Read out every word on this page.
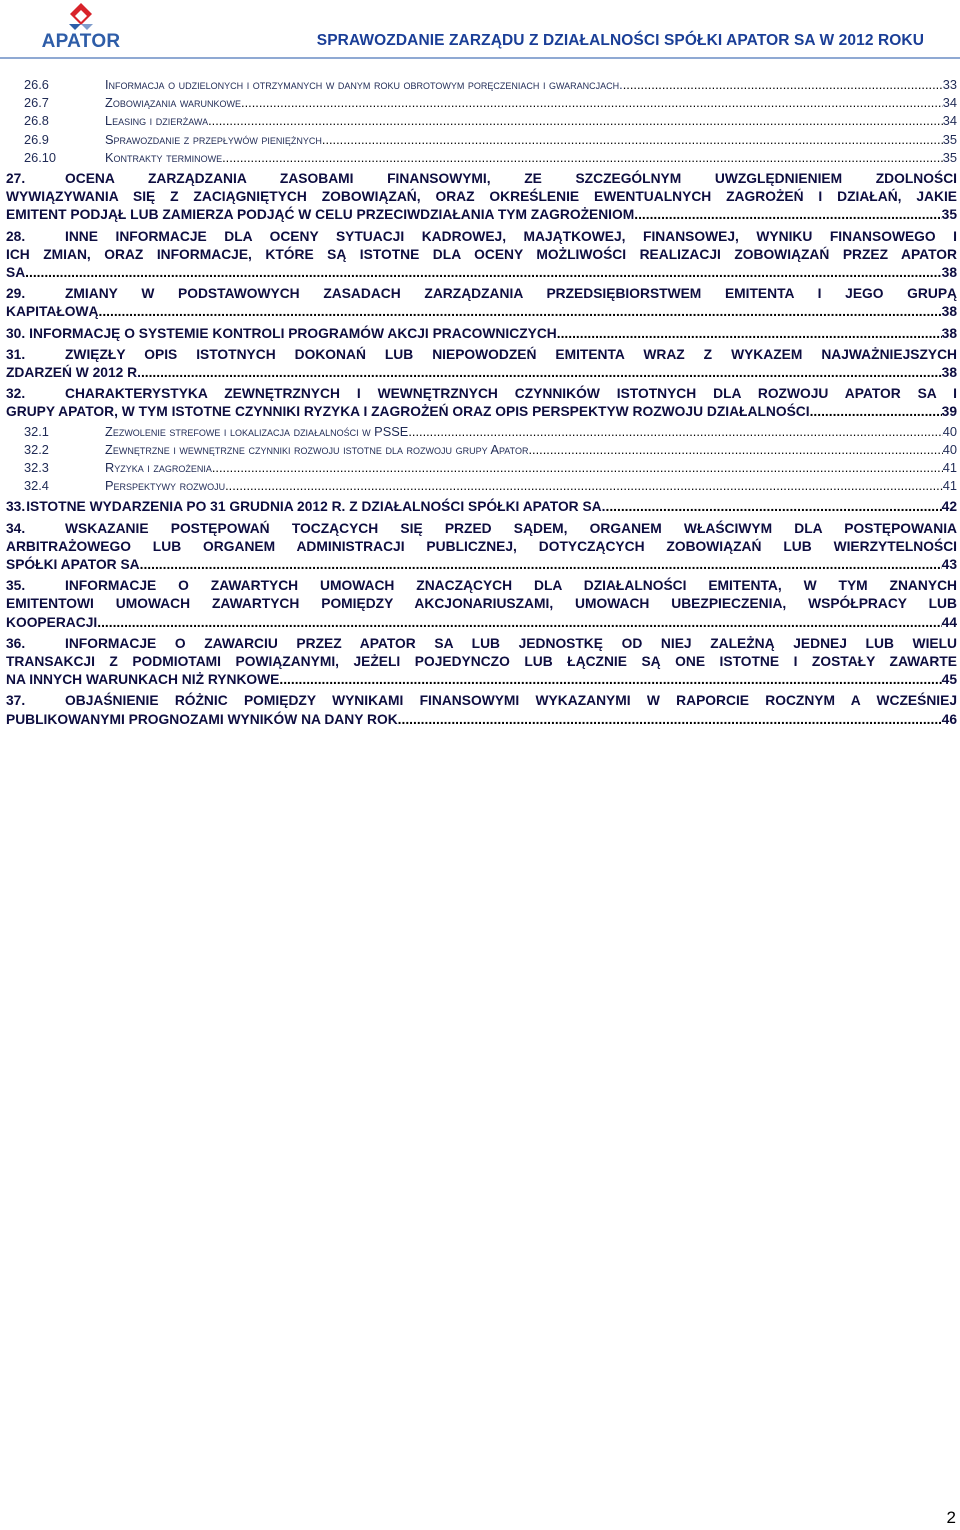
APATOR	SPRAWOZDANIE ZARZĄDU Z DZIAŁALNOŚCI SPÓŁKI APATOR SA W 2012 ROKU
26.6	Informacja o udzielonych i otrzymanych w danym roku obrotowym poręczeniach i gwarancjach. .....	33
26.7	Zobowiązania warunkowe .....	34
26.8	Leasing i dzierżawa .....	34
26.9	Sprawozdanie z przepływów pieniężnych .....	35
26.10	Kontrakty terminowe .....	35
27.	OCENA ZARZĄDZANIA ZASOBAMI FINANSOWYMI, ZE SZCZEGÓLNYM UWZGLĘDNIENIEM ZDOLNOŚCI
WYWIĄZYWANIA SIĘ Z ZACIĄGNIĘTYCH ZOBOWIĄZAŃ, ORAZ OKREŚLENIE EWENTUALNYCH ZAGROŻEŃ I DZIAŁAŃ, JAKIE
EMITENT PODJĄŁ LUB ZAMIERZA PODJĄĆ W CELU PRZECIWDZIAŁANIA TYM ZAGROŻENIOM .....	35
28.	INNE INFORMACJE DLA OCENY SYTUACJI KADROWEJ, MAJĄTKOWEJ, FINANSOWEJ, WYNIKU FINANSOWEGO I
ICH ZMIAN, ORAZ INFORMACJE, KTÓRE SĄ ISTOTNE DLA OCENY MOŻLIWOŚCI REALIZACJI ZOBOWIĄZAŃ PRZEZ APATOR
SA .....	38
29.	ZMIANY W PODSTAWOWYCH ZASADACH ZARZĄDZANIA PRZEDSIĘBIORSTWEM EMITENTA I JEGO GRUPĄ
KAPITAŁOWĄ .....	38
30. INFORMACJĘ O SYSTEMIE KONTROLI PROGRAMÓW AKCJI PRACOWNICZYCH .....	38
31.	ZWIĘZŁY OPIS ISTOTNYCH DOKONAŃ LUB NIEPOWODZEŃ EMITENTA WRAZ Z WYKAZEM NAJWAŻNIEJSZYCH
ZDARZEŃ W 2012 R. .....	38
32.	CHARAKTERYSTYKA ZEWNĘTRZNYCH I WEWNĘTRZNYCH CZYNNIKÓW ISTOTNYCH DLA ROZWOJU APATOR SA I
GRUPY APATOR, W TYM ISTOTNE CZYNNIKI RYZYKA I ZAGROŻEŃ ORAZ OPIS PERSPEKTYW ROZWOJU DZIAŁALNOŚCI .....	39
32.1	Zezwolenie strefowe i lokalizacja działalności w PSSE .....	40
32.2	Zewnętrzne i wewnętrzne czynniki rozwoju istotne dla rozwoju grupy Apator .....	40
32.3	Ryzyka i zagrożenia .....	41
32.4	Perspektywy rozwoju .....	41
33. ISTOTNE WYDARZENIA PO 31 GRUDNIA 2012 R. Z DZIAŁALNOŚCI SPÓŁKI APATOR SA. .....	42
34.	WSKAZANIE POSTĘPOWAŃ TOCZĄCYCH SIĘ PRZED SĄDEM, ORGANEM WŁAŚCIWYM DLA POSTĘPOWANIA
ARBITRAŻOWEGO LUB ORGANEM ADMINISTRACJI PUBLICZNEJ, DOTYCZĄCYCH ZOBOWIĄZAŃ LUB WIERZYTELNOŚCI
SPÓŁKI APATOR SA .....	43
35.	INFORMACJE O ZAWARTYCH UMOWACH ZNACZĄCYCH DLA DZIAŁALNOŚCI EMITENTA, W TYM ZNANYCH
EMITENTOWI UMOWACH ZAWARTYCH POMIĘDZY AKCJONARIUSZAMI, UMOWACH UBEZPIECZENIA, WSPÓŁPRACY LUB
KOOPERACJI .....	44
36.	INFORMACJE O ZAWARCIU PRZEZ APATOR SA LUB JEDNOSTKĘ OD NIEJ ZALEŻNĄ JEDNEJ LUB WIELU
TRANSAKCJI Z PODMIOTAMI POWIĄZANYMI, JEŻELI POJEDYNCZO LUB ŁĄCZNIE SĄ ONE ISTOTNE I ZOSTAŁY ZAWARTE
NA INNYCH WARUNKACH NIŻ RYNKOWE .....	45
37.	OBJAŚNIENIE RÓŻNIC POMIĘDZY WYNIKAMI FINANSOWYMI WYKAZANYMI W RAPORCIE ROCZNYM A WCZEŚNIEJ
PUBLIKOWANYMI PROGNOZAMI WYNIKÓW NA DANY ROK .....	46
2
